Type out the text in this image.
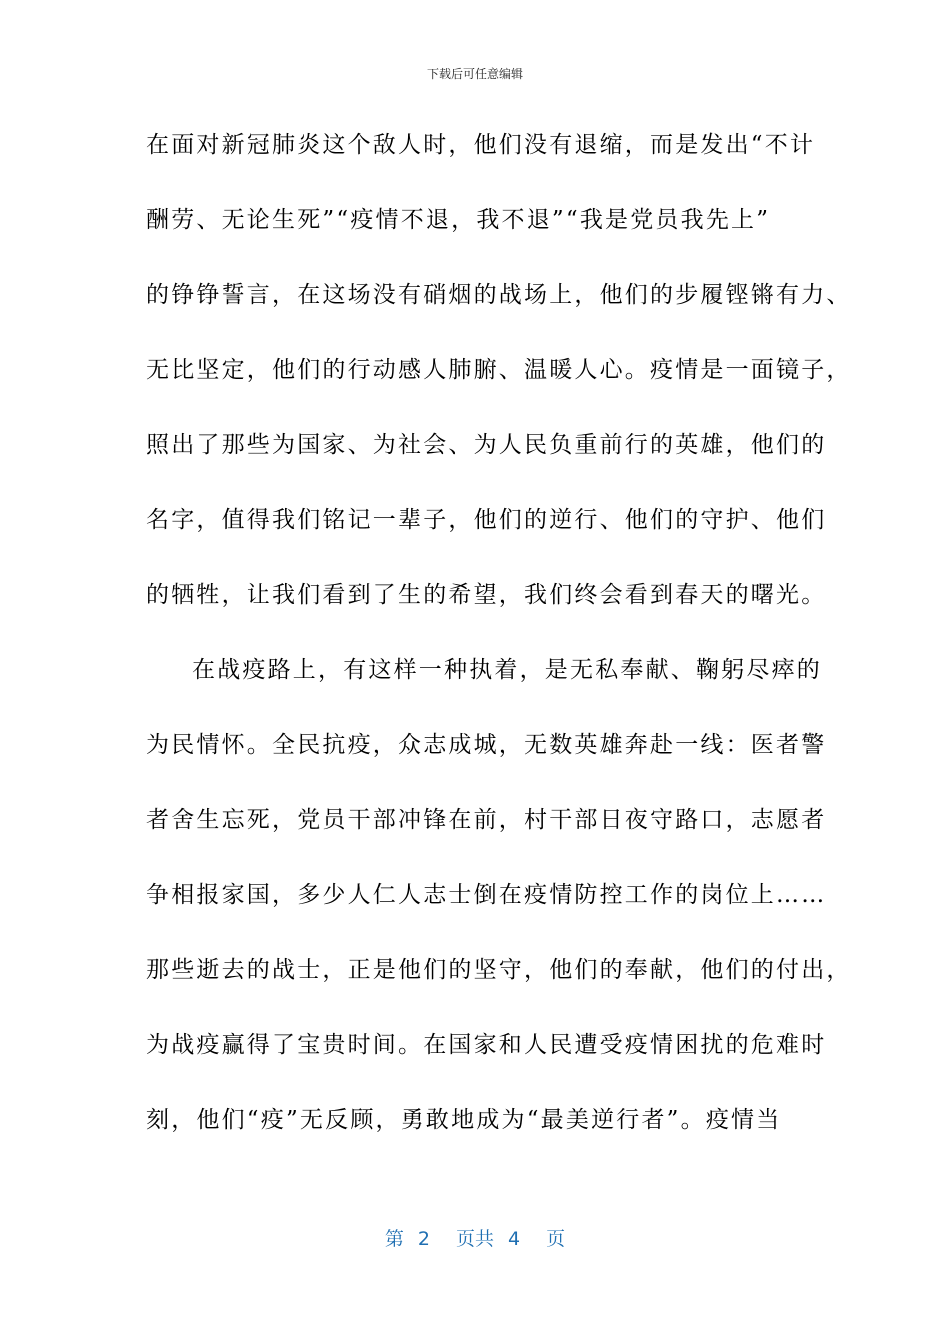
下载后可任意编辑
在面对新冠肺炎这个敌人时，他们没有退缩，而是发出“不计
酬劳、无论生死”“疫情不退，我不退”“我是党员我先上”
的铮铮誓言，在这场没有硝烟的战场上，他们的步履铿锵有力、
无比坚定，他们的行动感人肺腑、温暖人心。疫情是一面镜子，
照出了那些为国家、为社会、为人民负重前行的英雄，他们的
名字，值得我们铭记一辈子，他们的逆行、他们的守护、他们
的牺牲，让我们看到了生的希望，我们终会看到春天的曙光。
在战疫路上，有这样一种执着，是无私奉献、鞠躬尽瘁的
为民情怀。全民抗疫，众志成城，无数英雄奔赴一线：医者警
者舍生忘死，党员干部冲锋在前，村干部日夜守路口，志愿者
争相报家国，多少人仁人志士倒在疫情防控工作的岗位上……
那些逝去的战士，正是他们的坚守，他们的奉献，他们的付出，
为战疫赢得了宝贵时间。在国家和人民遭受疫情困扰的危难时
刻，他们“疫”无反顾，勇敢地成为“最美逆行者”。疫情当
第 2 页共 4 页
